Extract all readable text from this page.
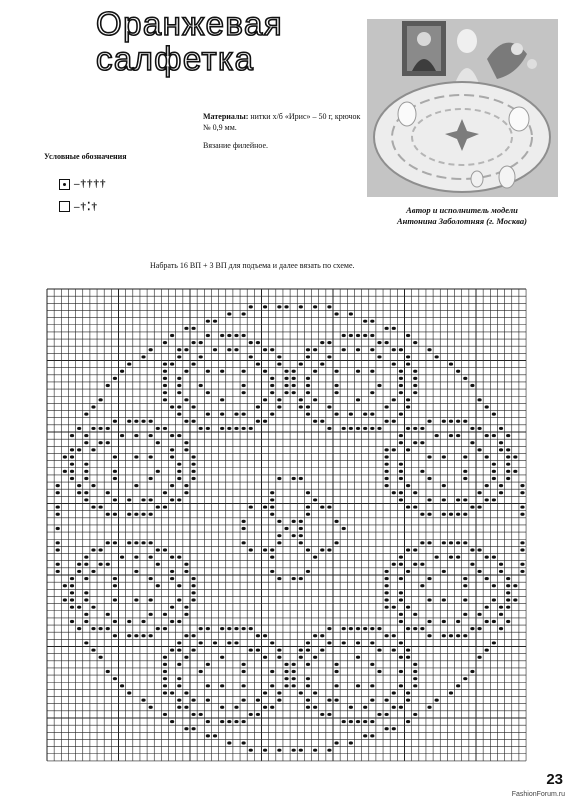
Оранжевая
салфетка
Автор и исполнитель модели
Антонина Заболотняя (г. Москва)
Материалы: нитки х/б «Ирис» – 50 г, крючок № 0,9 мм.
Вязание филейное.
Условные обозначения
–††††
–†⁚†
Набрать 16 ВП + 3 ВП для подъема и далее вязать по схеме.
23
FashionForum.ru
